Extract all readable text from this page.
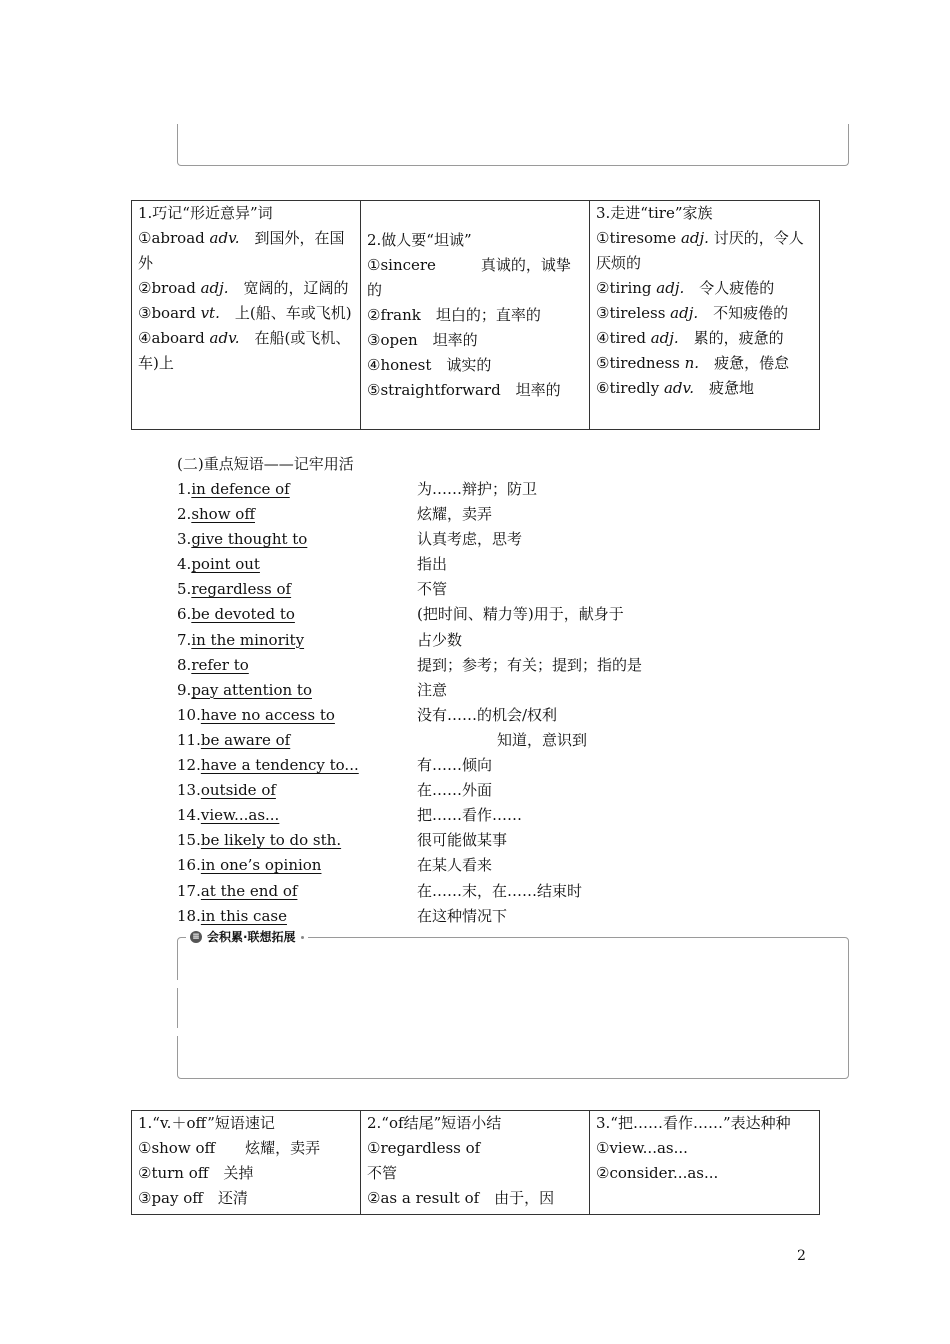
1.巧记“形近意异”词
①abroad adv.　到国外，在国外
②broad adj.　宽阔的，辽阔的
③board vt.　上(船、车或飞机)
④aboard adv.　在船(或飞机、车)上

2.做人要“坦诚”
①sincere　　　真诚的，诚挚的
②frank　坦白的；直率的
③open　坦率的
④honest　诚实的
⑤straightforward　坦率的

3.走进“tire”家族
①tiresome adj. 讨厌的，令人厌烦的
②tiring adj.　令人疲倦的
③tireless adj.　不知疲倦的
④tired adj.　累的，疲惫的
⑤tiredness n.　疲惫，倦怠
⑥tiredly adv.　疲惫地
(二)重点短语——记牢用活
1.in defence of	为……辩护；防卫
2.show off	炫耀，卖弄
3.give thought to	认真考虑，思考
4.point out	指出
5.regardless of	不管
6.be devoted to	(把时间、精力等)用于，献身于
7.in the minority	占少数
8.refer to	提到；参考；有关；提到；指的是
9.pay attention to	注意
10.have no access to	没有……的机会/权利
11.be aware of	知道，意识到
12.have a tendency to...	有……倾向
13.outside of	在……外面
14.view...as...	把……看作……
15.be likely to do sth.	很可能做某事
16.in one’s opinion	在某人看来
17.at the end of	在……末，在……结束时
18.in this case	在这种情况下
≡ 会积累·联想拓展
1.“v.＋off”短语速记
①show off　　炫耀，卖弄
②turn off　关掉
③pay off　还清

2.“of结尾”短语小结
①regardless of
不管
②as a result of　由于，因

3.“把……看作……”表达种种
①view...as...
②consider...as...
2
